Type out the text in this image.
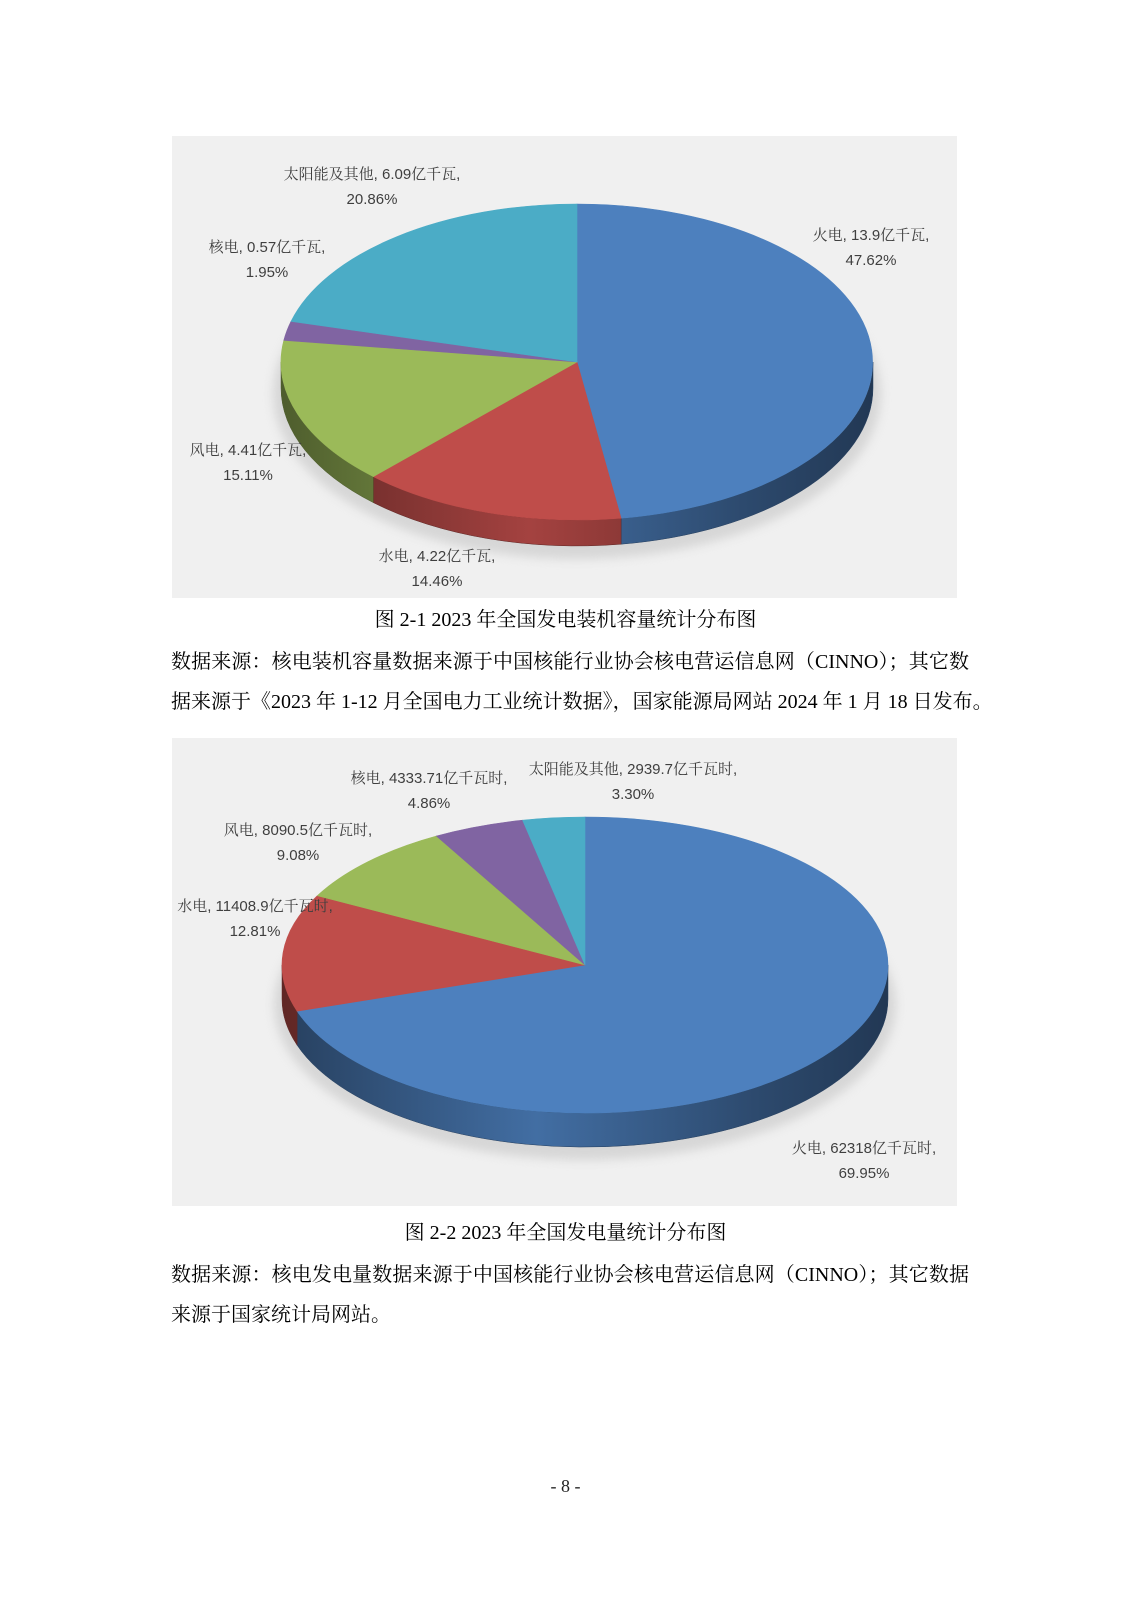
火电, 13.9亿千瓦,
47.62%
水电, 4.22亿千瓦,
14.46%
风电, 4.41亿千瓦,
15.11%
核电, 0.57亿千瓦,
1.95%
太阳能及其他, 6.09亿千瓦,
20.86%
图 2-1 2023 年全国发电装机容量统计分布图
数据来源：核电装机容量数据来源于中国核能行业协会核电营运信息网（CINNO）；其它数
据来源于《2023 年 1-12 月全国电力工业统计数据》，国家能源局网站 2024 年 1 月 18 日发布。
火电, 62318亿千瓦时,
69.95%
水电, 11408.9亿千瓦时,
12.81%
风电, 8090.5亿千瓦时,
9.08%
核电, 4333.71亿千瓦时,
4.86%
太阳能及其他, 2939.7亿千瓦时,
3.30%
图 2-2 2023 年全国发电量统计分布图
数据来源：核电发电量数据来源于中国核能行业协会核电营运信息网（CINNO）；其它数据
来源于国家统计局网站。
- 8 -
